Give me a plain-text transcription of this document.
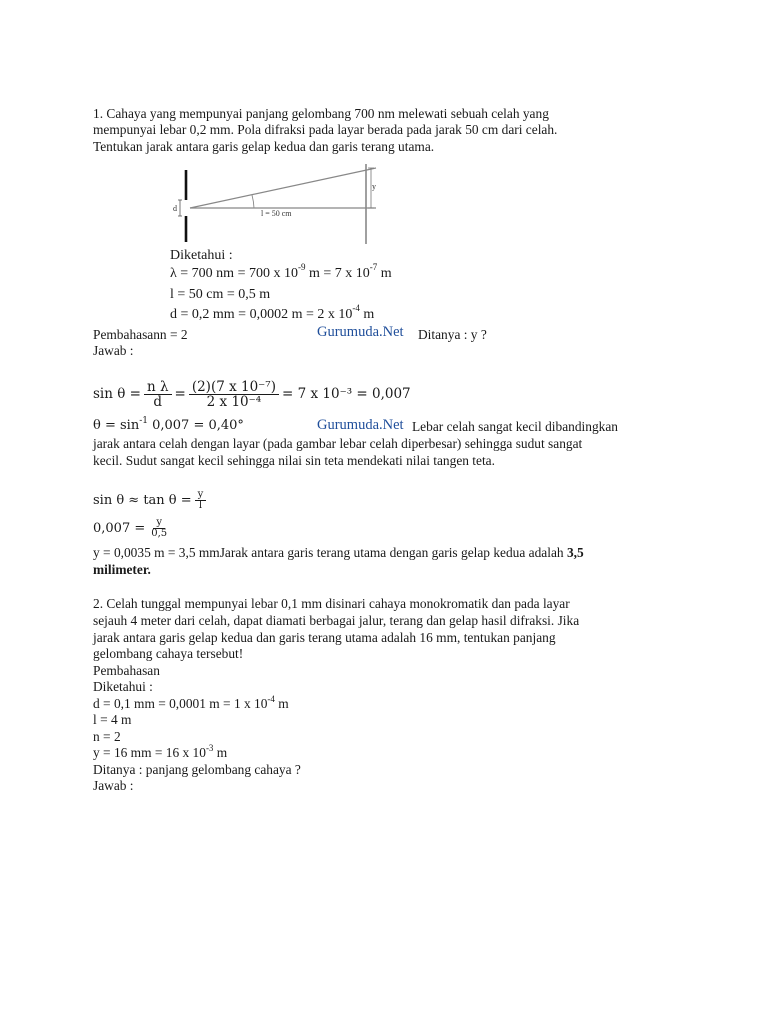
1. Cahaya yang mempunyai panjang gelombang 700 nm melewati sebuah celah yang
mempunyai lebar 0,2 mm. Pola difraksi pada layar berada pada jarak 50 cm dari celah.
Tentukan jarak antara garis gelap kedua dan garis terang utama.
d
y
l = 50 cm
Diketahui :
λ = 700 nm = 700 x $10^{-9}$ m = 7 x $10^{-7}$ m
l = 50 cm = 0,5 m
d = 0,2 mm = 0,0002 m = 2 x $10^{-4}$ m
Pembahasann = 2	Gurumuda.Net Ditanya : y ?
Jawab :
$\sin \theta = \frac{\text{n λ}}{d} = \frac{\text{(2)(7 x 10⁻⁷)}}{\text{2 x 10⁻⁴}} = 7$ x 10⁻³ = 0,007
$\theta = \sin^{-1} 0,007 = 0,40^\circ$	Gurumuda.Net Lebar celah sangat kecil dibandingkan
jarak antara celah dengan layar (pada gambar lebar celah diperbesar) sehingga sudut sangat
kecil. Sudut sangat kecil sehingga nilai sin teta mendekati nilai tangen teta.
$\sin \theta \approx \tan \theta = \frac{y}{l}$
$0,007 = \frac{y}{0,5}$
y = 0,0035 m = 3,5 mmJarak antara garis terang utama dengan garis gelap kedua adalah 3,5
milimeter.
2. Celah tunggal mempunyai lebar 0,1 mm disinari cahaya monokromatik dan pada layar
sejauh 4 meter dari celah, dapat diamati berbagai jalur, terang dan gelap hasil difraksi. Jika
jarak antara garis gelap kedua dan garis terang utama adalah 16 mm, tentukan panjang
gelombang cahaya tersebut!
Pembahasan
Diketahui :
d = 0,1 mm = 0,0001 m = 1 x $10^{-4}$ m
l = 4 m
n = 2
y = 16 mm = 16 x $10^{-3}$ m
Ditanya : panjang gelombang cahaya ?
Jawab :
